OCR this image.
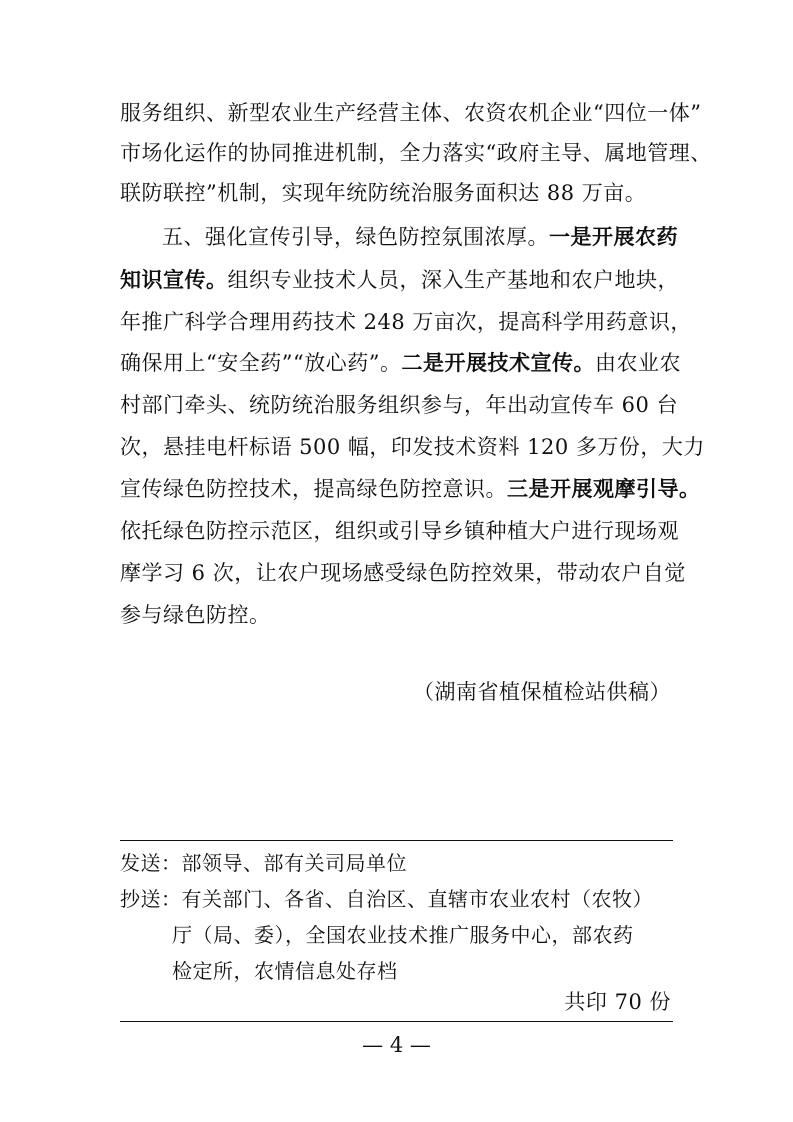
服务组织、新型农业生产经营主体、农资农机企业“四位一体”
市场化运作的协同推进机制，全力落实“政府主导、属地管理、
联防联控”机制，实现年统防统治服务面积达 88 万亩。
五、强化宣传引导，绿色防控氛围浓厚。一是开展农药
知识宣传。组织专业技术人员，深入生产基地和农户地块，
年推广科学合理用药技术 248 万亩次，提高科学用药意识，
确保用上“安全药”“放心药”。二是开展技术宣传。由农业农
村部门牵头、统防统治服务组织参与，年出动宣传车 60 台
次，悬挂电杆标语 500 幅，印发技术资料 120 多万份，大力
宣传绿色防控技术，提高绿色防控意识。三是开展观摩引导。
依托绿色防控示范区，组织或引导乡镇种植大户进行现场观
摩学习 6 次，让农户现场感受绿色防控效果，带动农户自觉
参与绿色防控。
（湖南省植保植检站供稿）
发送：部领导、部有关司局单位
抄送：有关部门、各省、自治区、直辖市农业农村（农牧）
厅（局、委），全国农业技术推广服务中心，部农药
检定所，农情信息处存档
共印 70 份
— 4 —
